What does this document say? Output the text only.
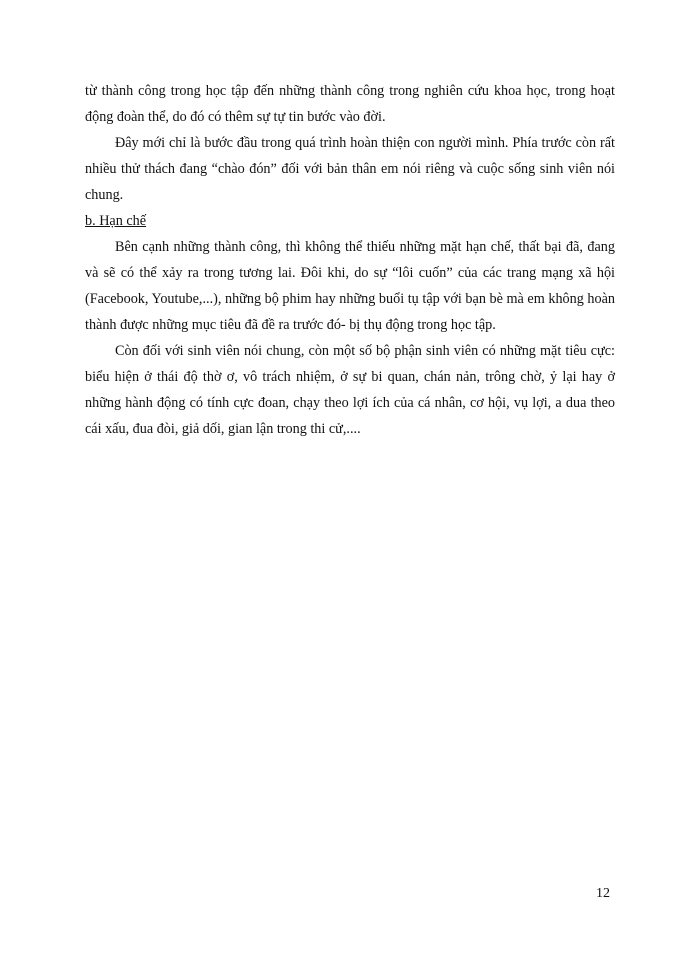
từ thành công trong học tập đến những thành công trong nghiên cứu khoa học, trong hoạt động đoàn thể, do đó có thêm sự tự tin bước vào đời.

Đây mới chỉ là bước đầu trong quá trình hoàn thiện con người mình. Phía trước còn rất nhiều thử thách đang “chào đón” đối với bản thân em nói riêng và cuộc sống sinh viên nói chung.

b. Hạn chế

Bên cạnh những thành công, thì không thể thiếu những mặt hạn chế, thất bại đã, đang và sẽ có thể xảy ra trong tương lai. Đôi khi, do sự “lôi cuốn” của các trang mạng xã hội (Facebook, Youtube,...), những bộ phim hay những buổi tụ tập với bạn bè mà em không hoàn thành được những mục tiêu đã đề ra trước đó- bị thụ động trong học tập.

Còn đối với sinh viên nói chung, còn một số bộ phận sinh viên có những mặt tiêu cực: biểu hiện ở thái độ thờ ơ, vô trách nhiệm, ở sự bi quan, chán nản, trông chờ, ỷ lại hay ở những hành động có tính cực đoan, chạy theo lợi ích của cá nhân, cơ hội, vụ lợi, a dua theo cái xấu, đua đòi, giả dối, gian lận trong thi cử,....

12
